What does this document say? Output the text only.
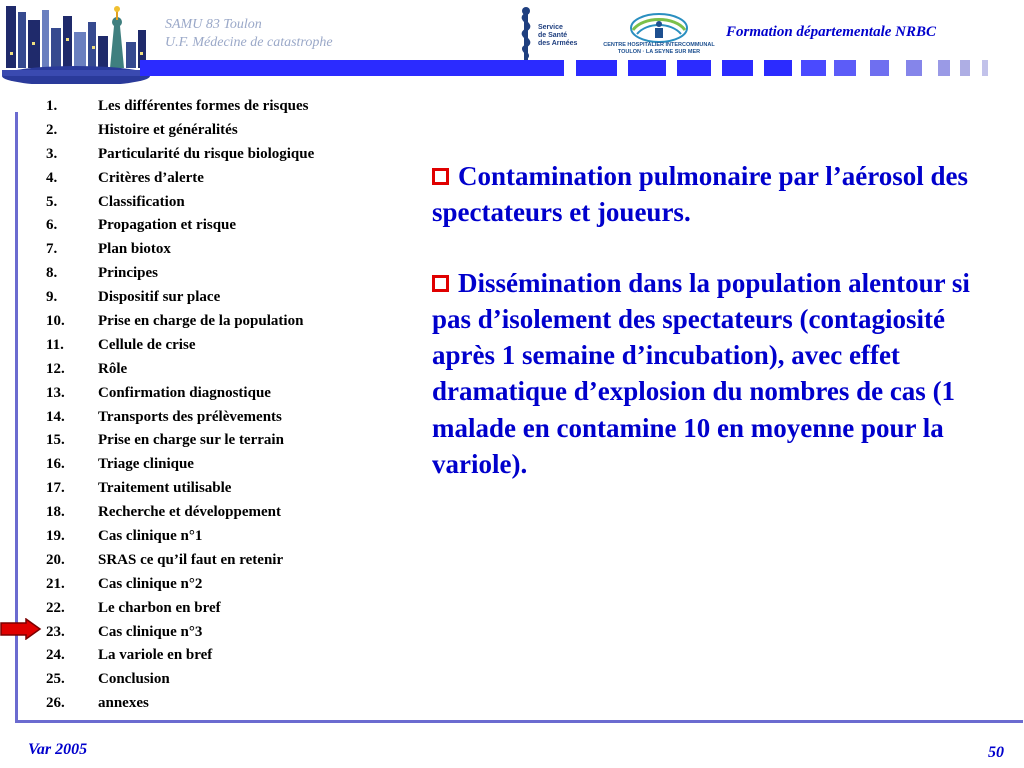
SAMU 83 Toulon
U.F. Médecine de catastrophe
Service
de Santé
des Armées	CENTRE HOSPITALIER INTERCOMMUNAL
TOULON · LA SEYNE SUR MER
Formation départementale NRBC
1.	Les différentes formes de risques
2.	Histoire et généralités
3.	Particularité du risque biologique
4.	Critères d’alerte
5.	Classification
6.	Propagation et risque
7.	Plan biotox
8.	Principes
9.	Dispositif sur place
10. Prise en charge de la population
11. Cellule de crise
12. Rôle
13. Confirmation diagnostique
14. Transports des prélèvements
15. Prise en charge sur le terrain
16. Triage clinique
17. Traitement utilisable
18. Recherche et développement
19. Cas clinique n°1
20. SRAS ce qu’il faut en retenir
21. Cas clinique n°2
22. Le charbon en bref
23. Cas clinique n°3
24. La variole en bref
25. Conclusion
26. annexes
Contamination pulmonaire par l’aérosol des spectateurs et joueurs.
Dissémination dans la population alentour si pas d’isolement des spectateurs (contagiosité après 1 semaine d’incubation), avec effet dramatique d’explosion du nombres de cas (1 malade en contamine 10 en moyenne pour la variole).
Var 2005	50
